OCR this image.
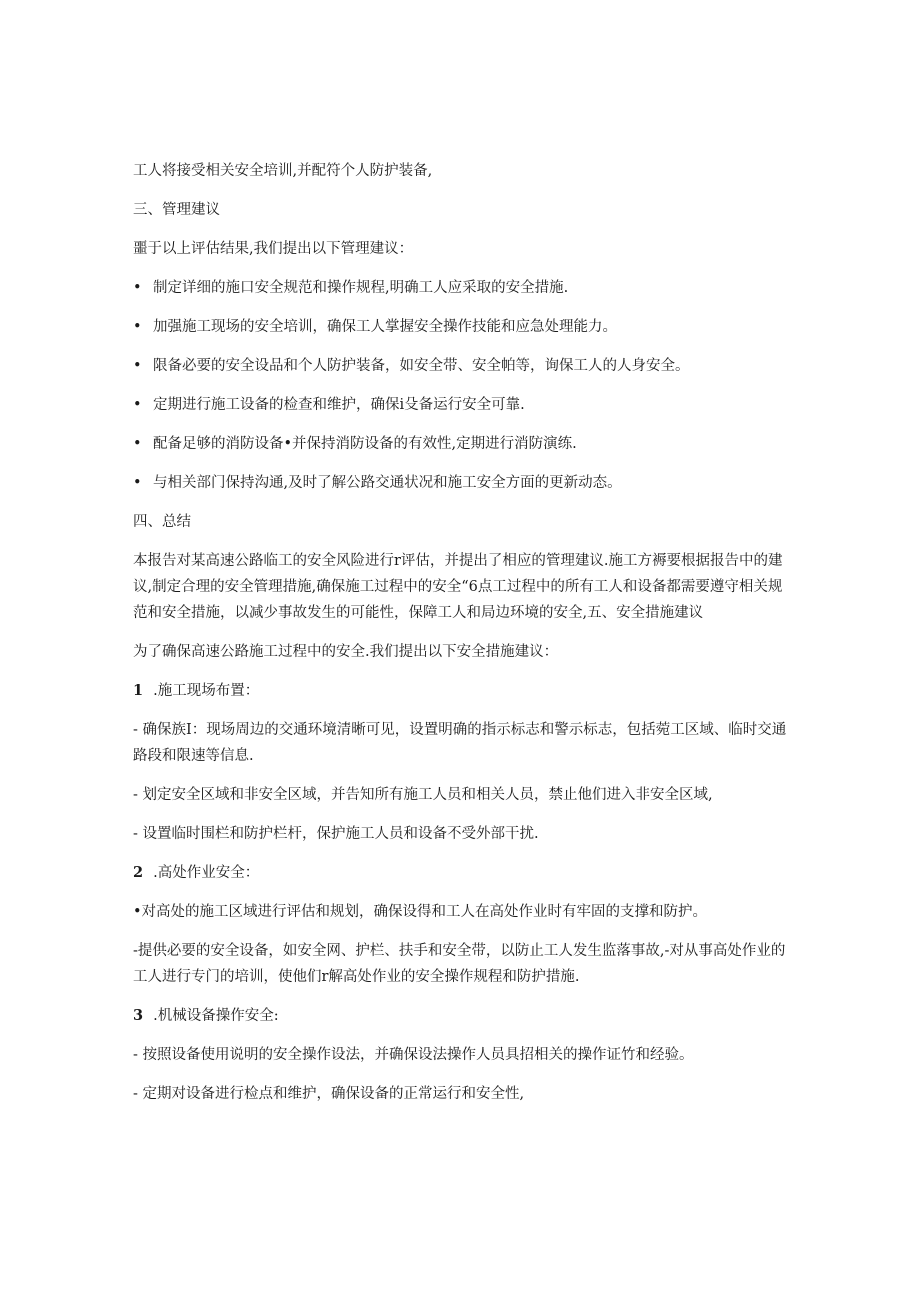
工人将接受相关安全培训,并配符个人防护装备,

三、管理建议

噩于以上评估结果,我们提出以下管理建议：

• 制定详细的施口安全规范和操作规程,明确工人应采取的安全措施.

• 加强施工现场的安全培训，确保工人掌握安全操作技能和应急处理能力。

• 限备必要的安全设品和个人防护装备，如安全带、安全帕等，询保工人的人身安全。

• 定期进行施工设备的检查和维护，确保i殳备运行安全可靠.

• 配备足够的消防设备•并保持消防设备的有效性,定期进行消防演练.

• 与相关部门保持沟通,及时了解公路交通状况和施工安全方面的更新动态。

四、总结

本报告对某高速公路临工的安全风险进行r评估，并提出了相应的管理建议.施工方褥要根据报告中的建议,制定合理的安全管理措施,确保施工过程中的安全“6点工过程中的所有工人和设备都需要遵守相关规范和安全措施，以减少事故发生的可能性，保障工人和局边环境的安全,五、安全措施建议

为了确保高速公路施工过程中的安全.我们提出以下安全措施建议：

1 .施工现场布置：

- 确保族I：现场周边的交通环境清晰可见，设置明确的指示标志和警示标志，包括菀工区域、临时交通路段和限速等信息.

- 划定安全区域和非安全区域，并告知所有施工人员和相关人员，禁止他们进入非安全区域,

- 设置临时围栏和防护栏杆，保护施工人员和设备不受外部干扰.

2 .高处作业安全：

•对高处的施工区域进行评估和规划，确保设得和工人在高处作业时有牢固的支撑和防护。

-提供必要的安全设备，如安全网、护栏、扶手和安全带，以防止工人发生监落事故,-对从事高处作业的工人进行专门的培训，使他们r解高处作业的安全操作规程和防护措施.

3 .机械设备操作安全:

- 按照设备使用说明的安全操作设法，并确保设法操作人员具招相关的操作证竹和经验。

- 定期对设备进行检点和维护，确保设备的正常运行和安全性,
